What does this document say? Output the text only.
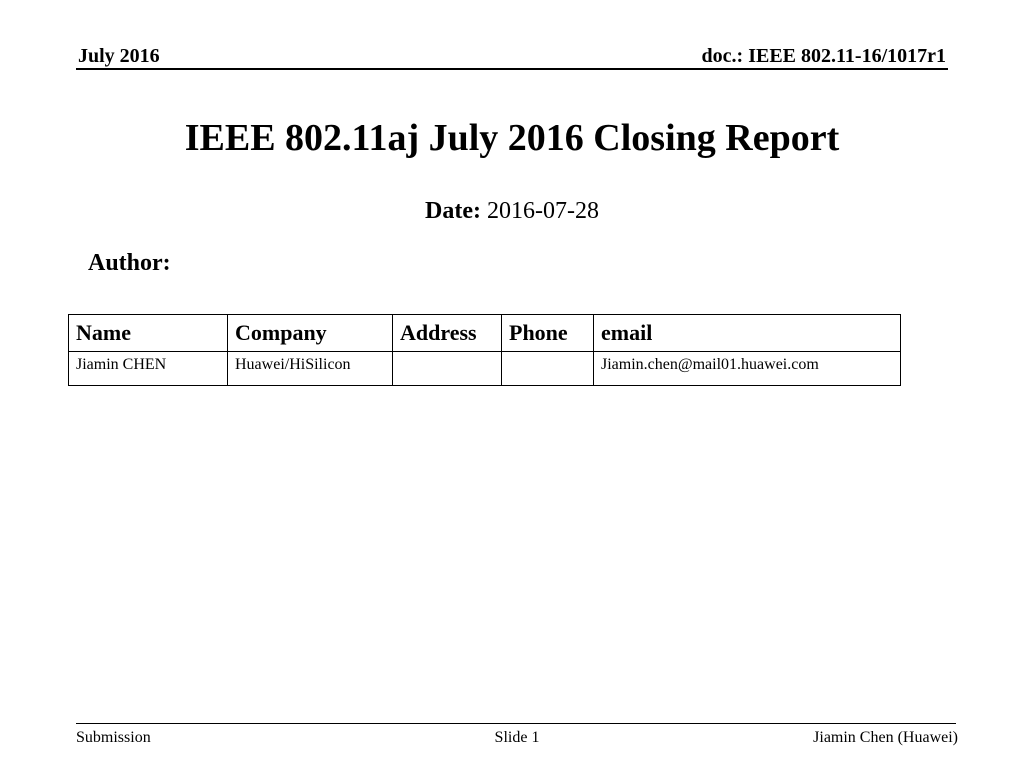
July 2016	doc.: IEEE 802.11-16/1017r1
IEEE 802.11aj July 2016 Closing Report
Date: 2016-07-28
Author:
Name	Company	Address	Phone	email
Jiamin CHEN	Huawei/HiSilicon			Jiamin.chen@mail01.huawei.com
Submission	Slide 1	Jiamin Chen (Huawei)
